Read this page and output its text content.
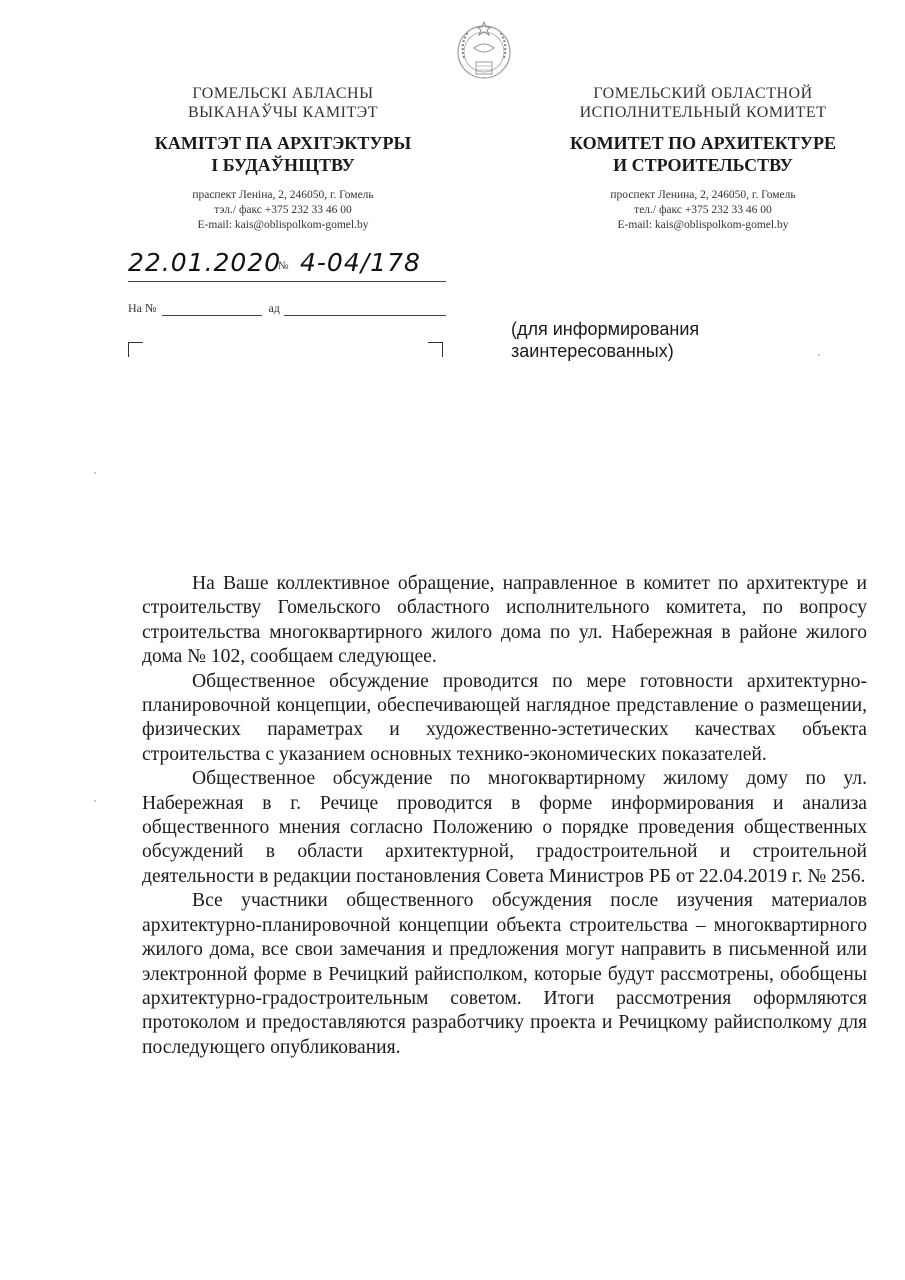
ГОМЕЛЬСКІ АБЛАСНЫ
ВЫКАНАЎЧЫ КАМІТЭТ
КАМІТЭТ ПА АРХІТЭКТУРЫ
І БУДАЎНІЦТВУ
праспект Леніна, 2, 246050, г. Гомель
тэл./ факс +375 232 33 46 00
E-mail: kais@oblispolkom-gomel.by
ГОМЕЛЬСКИЙ ОБЛАСТНОЙ
ИСПОЛНИТЕЛЬНЫЙ КОМИТЕТ
КОМИТЕТ ПО АРХИТЕКТУРЕ
И СТРОИТЕЛЬСТВУ
проспект Ленина, 2, 246050, г. Гомель
тел./ факс +375 232 33 46 00
E-mail: kais@oblispolkom-gomel.by
22.01.2020
№ 4-04/178
На №	ад
(для информирования
заинтересованных)

На Ваше коллективное обращение, направленное в комитет по архитектуре и строительству Гомельского областного исполнительного комитета, по вопросу строительства многоквартирного жилого дома по ул. Набережная в районе жилого дома № 102, сообщаем следующее.

Общественное обсуждение проводится по мере готовности архитектурно-планировочной концепции, обеспечивающей наглядное представление о размещении, физических параметрах и художественно-эстетических качествах объекта строительства с указанием основных технико-экономических показателей.

Общественное обсуждение по многоквартирному жилому дому по ул. Набережная в г. Речице проводится в форме информирования и анализа общественного мнения согласно Положению о порядке проведения общественных обсуждений в области архитектурной, градостроительной и строительной деятельности в редакции постановления Совета Министров РБ от 22.04.2019 г. № 256.

Все участники общественного обсуждения после изучения материалов архитектурно-планировочной концепции объекта строительства – многоквартирного жилого дома, все свои замечания и предложения могут направить в письменной или электронной форме в Речицкий райисполком, которые будут рассмотрены, обобщены архитектурно-градостроительным советом. Итоги рассмотрения оформляются протоколом и предоставляются разработчику проекта и Речицкому райисполкому для последующего опубликования.
